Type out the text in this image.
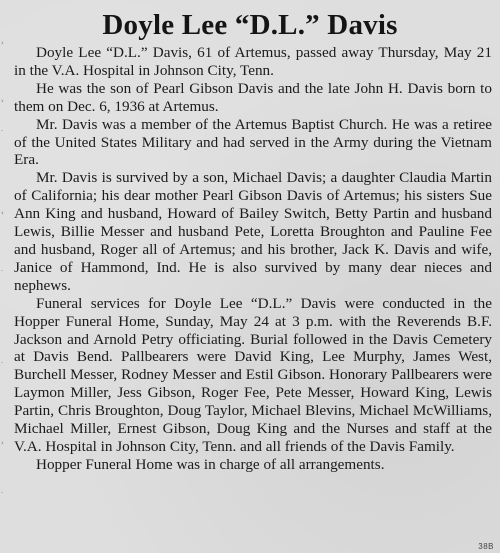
›
›
·
‹
·
·
›
·
Doyle Lee “D.L.” Davis

Doyle Lee “D.L.” Davis, 61 of Artemus, passed away Thursday, May 21 in the V.A. Hospital in Johnson City, Tenn.

He was the son of Pearl Gibson Davis and the late John H. Davis born to them on Dec. 6, 1936 at Artemus.

Mr. Davis was a member of the Artemus Baptist Church. He was a retiree of the United States Military and had served in the Army during the Vietnam Era.

Mr. Davis is survived by a son, Michael Davis; a daughter Claudia Martin of California; his dear mother Pearl Gibson Davis of Artemus; his sisters Sue Ann King and husband, Howard of Bailey Switch, Betty Partin and husband Lewis, Billie Messer and husband Pete, Loretta Broughton and Pauline Fee and husband, Roger all of Artemus; and his brother, Jack K. Davis and wife, Janice of Hammond, Ind. He is also survived by many dear nieces and nephews.

Funeral services for Doyle Lee “D.L.” Davis were conducted in the Hopper Funeral Home, Sunday, May 24 at 3 p.m. with the Reverends B.F. Jackson and Arnold Petry officiating. Burial followed in the Davis Cemetery at Davis Bend. Pallbearers were David King, Lee Murphy, James West, Burchell Messer, Rodney Messer and Estil Gibson. Honorary Pallbearers were Laymon Miller, Jess Gibson, Roger Fee, Pete Messer, Howard King, Lewis Partin, Chris Broughton, Doug Taylor, Michael Blevins, Michael McWilliams, Michael Miller, Ernest Gibson, Doug King and the Nurses and staff at the V.A. Hospital in Johnson City, Tenn. and all friends of the Davis Family.

Hopper Funeral Home was in charge of all arrangements.

38B
